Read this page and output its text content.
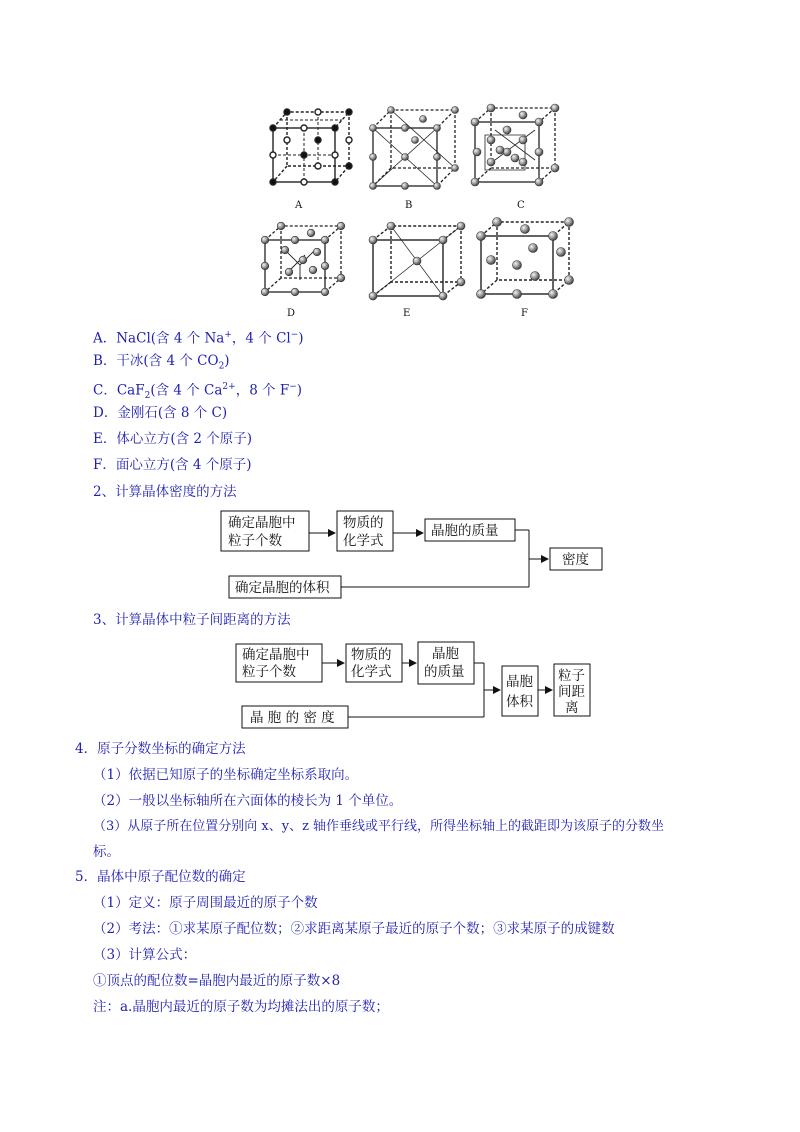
A	B	C
D	E	F
A．NaCl(含 4 个 Na+，4 个 Cl−)
B．干冰(含 4 个 $CO_2$)
C．CaF$_2$(含 4 个 $Ca^{2+}$，8 个 F−)
D．金刚石(含 8 个 C)
E．体心立方(含 2 个原子)
F．面心立方(含 4 个原子)
2、计算晶体密度的方法
确定晶胞中
粒子个数
物质的
化学式
晶胞的质量
密度
确定晶胞的体积
3、计算晶体中粒子间距离的方法
确定晶胞中
粒子个数
物质的
化学式
晶胞
的质量
晶胞
体积
粒子
间距
离
晶 胞 的 密 度
4．原子分数坐标的确定方法
（1）依据已知原子的坐标确定坐标系取向。
（2）一般以坐标轴所在六面体的棱长为 1 个单位。
（3）从原子所在位置分别向 x、y、z 轴作垂线或平行线，所得坐标轴上的截距即为该原子的分数坐
标。
5．晶体中原子配位数的确定
（1）定义：原子周围最近的原子个数
（2）考法：①求某原子配位数；②求距离某原子最近的原子个数；③求某原子的成键数
（3）计算公式：
①顶点的配位数=晶胞内最近的原子数×8
注：a.晶胞内最近的原子数为均摊法出的原子数；
